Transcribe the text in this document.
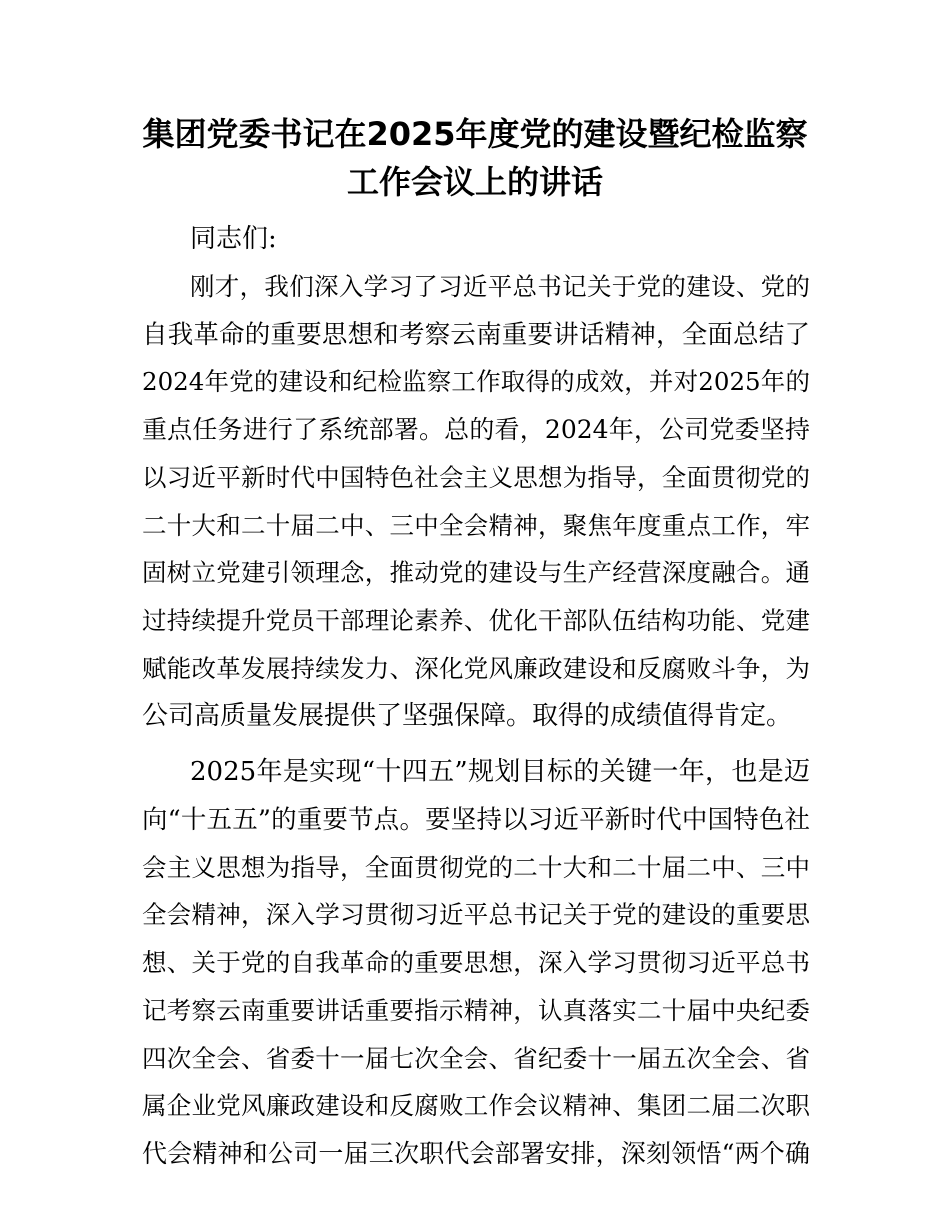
集团党委书记在2025年度党的建设暨纪检监察
工作会议上的讲话
同志们:
刚才，我们深入学习了习近平总书记关于党的建设、党的
自我革命的重要思想和考察云南重要讲话精神，全面总结了
2024年党的建设和纪检监察工作取得的成效，并对2025年的
重点任务进行了系统部署。总的看，2024年，公司党委坚持
以习近平新时代中国特色社会主义思想为指导，全面贯彻党的
二十大和二十届二中、三中全会精神，聚焦年度重点工作，牢
固树立党建引领理念，推动党的建设与生产经营深度融合。通
过持续提升党员干部理论素养、优化干部队伍结构功能、党建
赋能改革发展持续发力、深化党风廉政建设和反腐败斗争，为
公司高质量发展提供了坚强保障。取得的成绩值得肯定。
2025年是实现“十四五”规划目标的关键一年，也是迈
向“十五五”的重要节点。要坚持以习近平新时代中国特色社
会主义思想为指导，全面贯彻党的二十大和二十届二中、三中
全会精神，深入学习贯彻习近平总书记关于党的建设的重要思
想、关于党的自我革命的重要思想，深入学习贯彻习近平总书
记考察云南重要讲话重要指示精神，认真落实二十届中央纪委
四次全会、省委十一届七次全会、省纪委十一届五次全会、省
属企业党风廉政建设和反腐败工作会议精神、集团二届二次职
代会精神和公司一届三次职代会部署安排，深刻领悟“两个确
